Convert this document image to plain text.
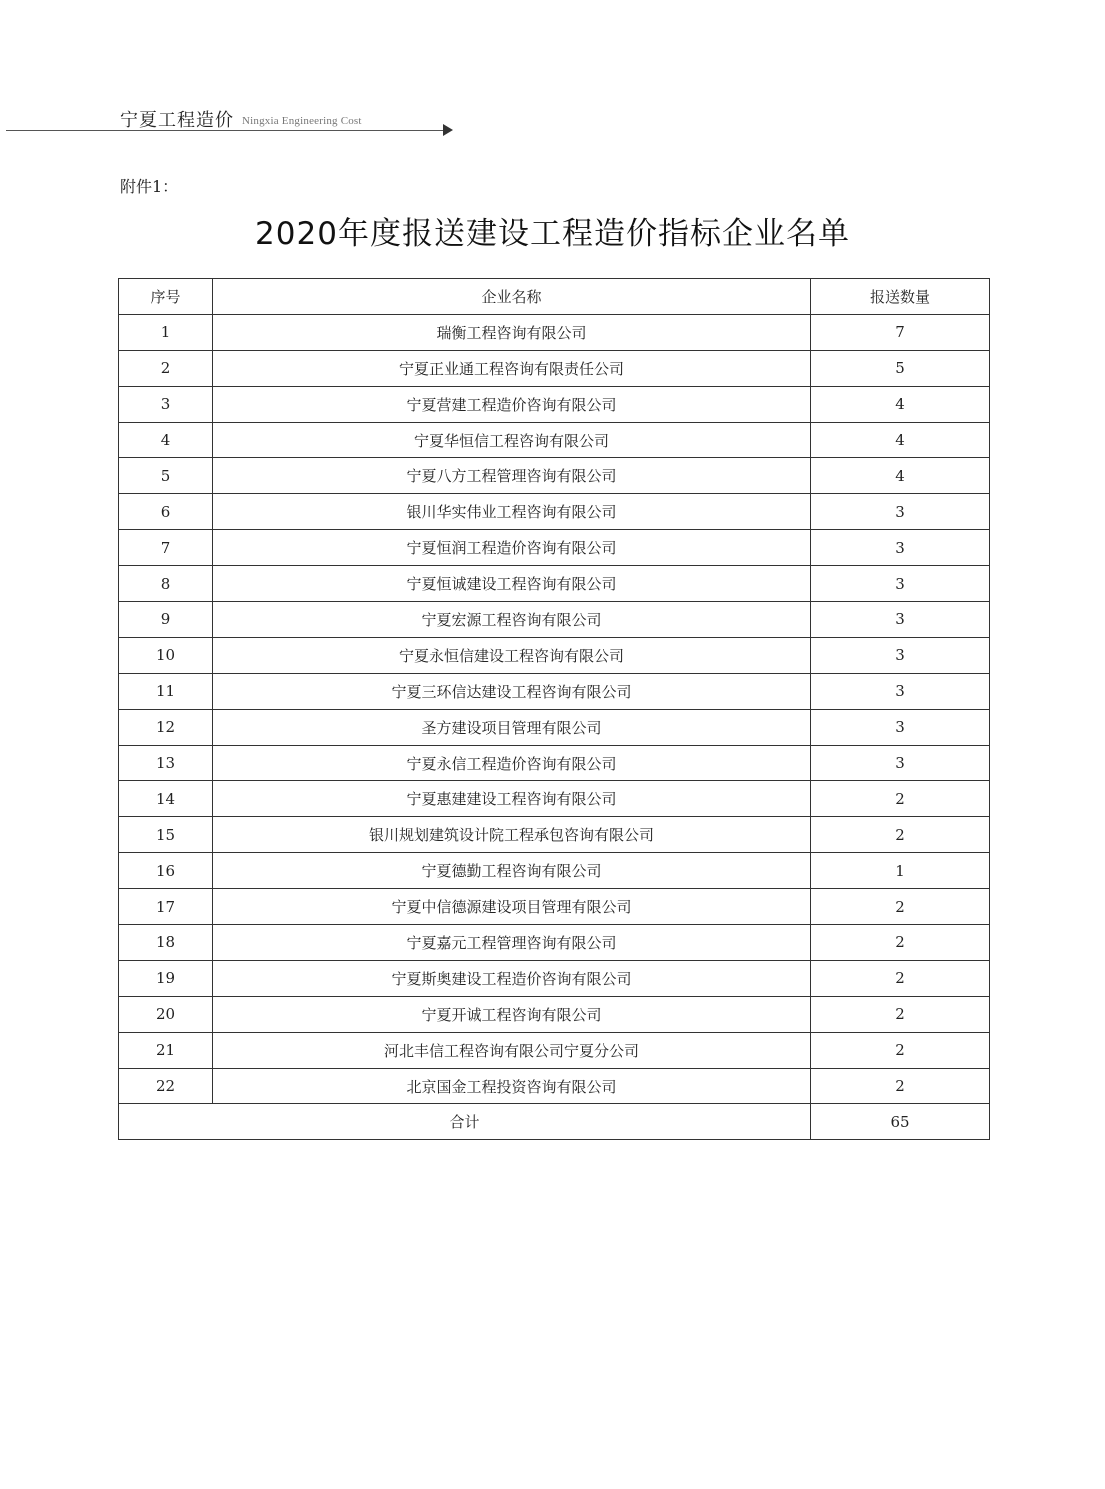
宁夏工程造价 Ningxia Engineering Cost
附件1：
2020年度报送建设工程造价指标企业名单
序号	企业名称	报送数量
1	瑞衡工程咨询有限公司	7
2	宁夏正业通工程咨询有限责任公司	5
3	宁夏营建工程造价咨询有限公司	4
4	宁夏华恒信工程咨询有限公司	4
5	宁夏八方工程管理咨询有限公司	4
6	银川华实伟业工程咨询有限公司	3
7	宁夏恒润工程造价咨询有限公司	3
8	宁夏恒诚建设工程咨询有限公司	3
9	宁夏宏源工程咨询有限公司	3
10	宁夏永恒信建设工程咨询有限公司	3
11	宁夏三环信达建设工程咨询有限公司	3
12	圣方建设项目管理有限公司	3
13	宁夏永信工程造价咨询有限公司	3
14	宁夏惠建建设工程咨询有限公司	2
15	银川规划建筑设计院工程承包咨询有限公司	2
16	宁夏德勤工程咨询有限公司	1
17	宁夏中信德源建设项目管理有限公司	2
18	宁夏嘉元工程管理咨询有限公司	2
19	宁夏斯奥建设工程造价咨询有限公司	2
20	宁夏开诚工程咨询有限公司	2
21	河北丰信工程咨询有限公司宁夏分公司	2
22	北京国金工程投资咨询有限公司	2
合计		65
